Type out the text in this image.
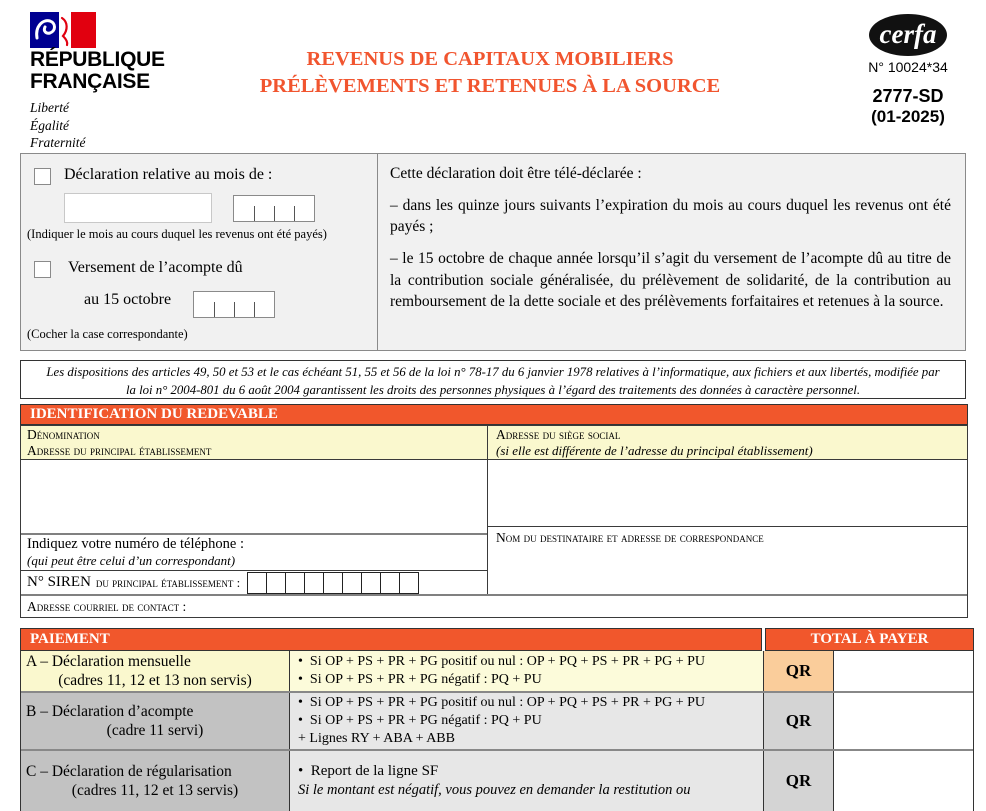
RÉPUBLIQUE
FRANÇAISE
Liberté
Égalité
Fraternité
REVENUS DE CAPITAUX MOBILIERS
PRÉLÈVEMENTS ET RETENUES À LA SOURCE
cerfa
N° 10024*34
2777-SD
(01-2025)
Déclaration relative au mois de :
(Indiquer le mois au cours duquel les revenus ont été payés)
Versement de l’acompte dû
au 15 octobre
(Cocher la case correspondante)

Cette déclaration doit être télé-déclarée :

– dans les quinze jours suivants l’expiration du mois au cours duquel les revenus ont été payés ;

– le 15 octobre de chaque année lorsqu’il s’agit du versement de l’acompte dû au titre de la contribution sociale généralisée, du prélèvement de solidarité, de la contribution au remboursement de la dette sociale et des prélèvements forfaitaires et retenues à la source.

Les dispositions des articles 49, 50 et 53 et le cas échéant 51, 55 et 56 de la loi n° 78-17 du 6 janvier 1978 relatives à l’informatique, aux fichiers et aux libertés, modifiée par
la loi n° 2004-801 du 6 août 2004 garantissent les droits des personnes physiques à l’égard des traitements des données à caractère personnel.
IDENTIFICATION DU REDEVABLE
Dénomination
Adresse du principal établissement
Adresse du siège social
(si elle est différente de l’adresse du principal établissement)
Indiquez votre numéro de téléphone :
(qui peut être celui d’un correspondant)
N° SIREN du principal établissement :
Nom du destinataire et adresse de correspondance
Adresse courriel de contact :
PAIEMENT	TOTAL À PAYER
A – Déclaration mensuelle
(cadres 11, 12 et 13 non servis)
• Si OP + PS + PR + PG positif ou nul : OP + PQ + PS + PR + PG + PU
• Si OP + PS + PR + PG négatif : PQ + PU	QR
B – Déclaration d’acompte
(cadre 11 servi)
• Si OP + PS + PR + PG positif ou nul : OP + PQ + PS + PR + PG + PU
• Si OP + PS + PR + PG négatif : PQ + PU
+ Lignes RY + ABA + ABB
QR
C – Déclaration de régularisation
(cadres 11, 12 et 13 servis)
• Report de la ligne SF
Si le montant est négatif, vous pouvez en demander la restitution ou
QR
